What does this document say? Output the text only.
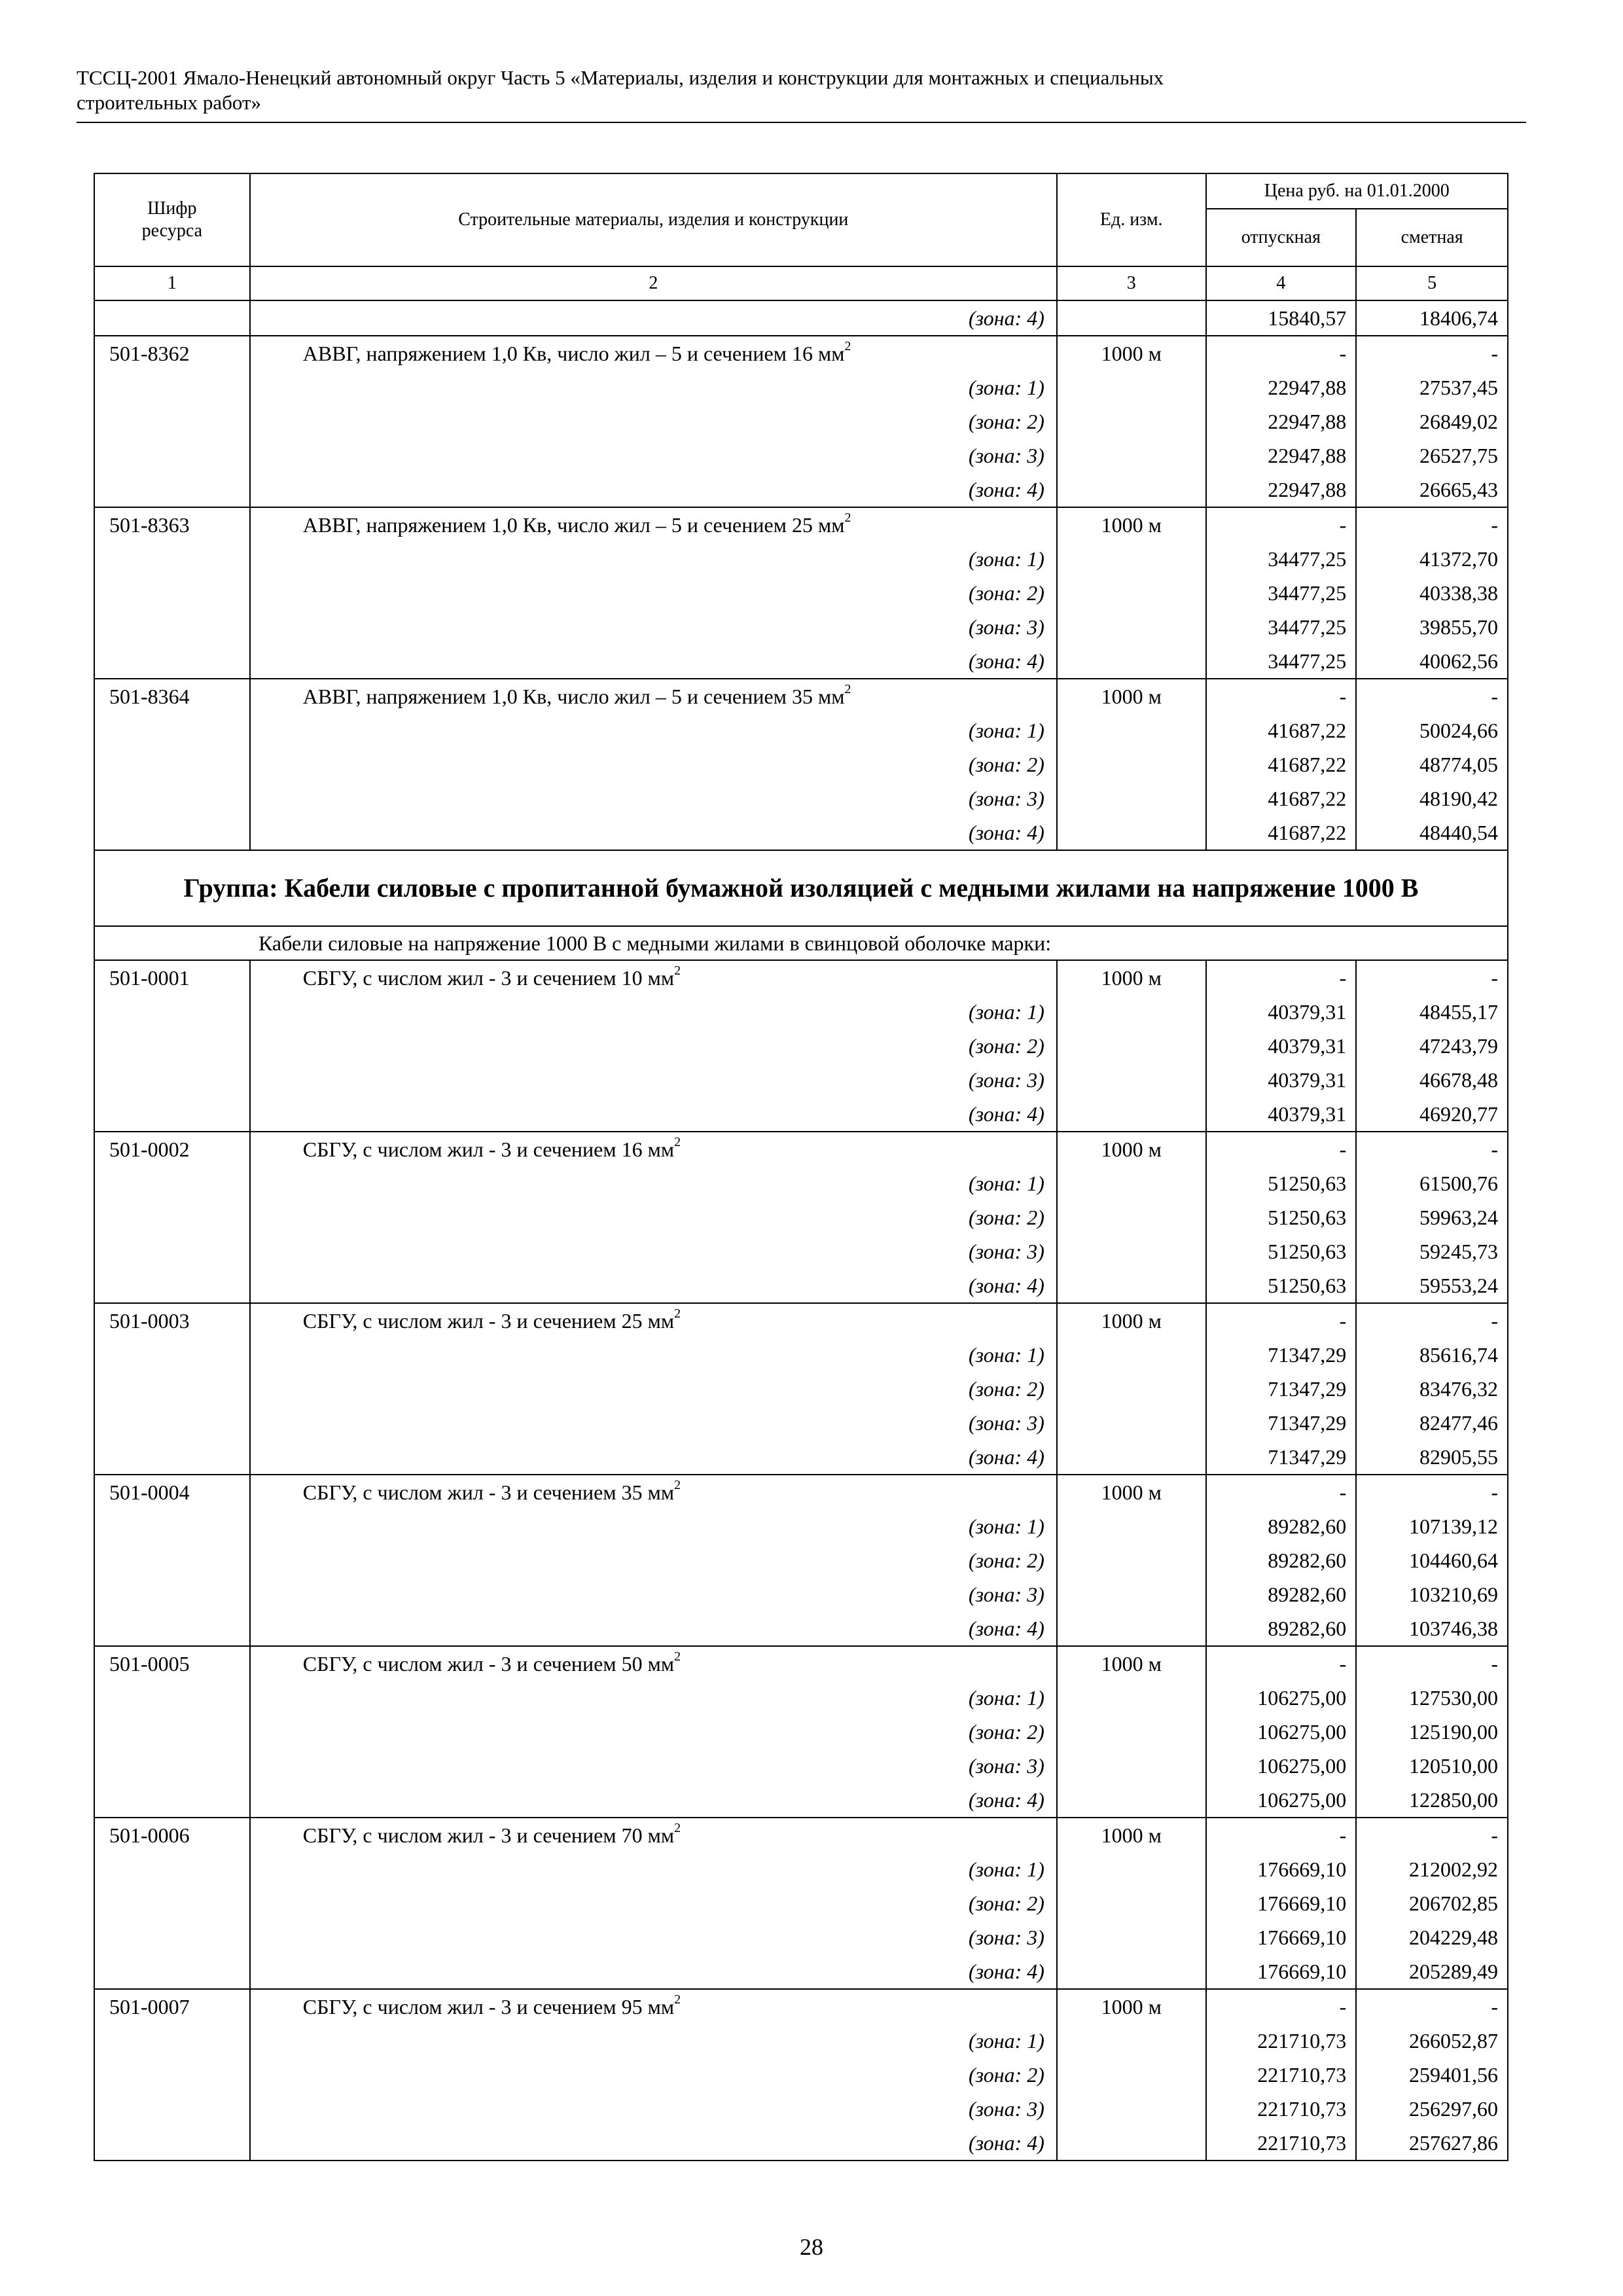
ТССЦ-2001 Ямало-Ненецкий автономный округ Часть 5 «Материалы, изделия и конструкции для монтажных и специальных
строительных работ»
Шифр ресурса	Строительные материалы, изделия и конструкции	Ед. изм.	Цена руб. на 01.01.2000	
			отпускная	сметная
1	2	3	4	5
	(зона: 4)		15840,57	18406,74
501-8362	АВВГ, напряжением 1,0 Кв, число жил – 5 и сечением 16 $мм^2$	1000 м	-	-
	(зона: 1)		22947,88	27537,45
	(зона: 2)		22947,88	26849,02
	(зона: 3)		22947,88	26527,75
	(зона: 4)		22947,88	26665,43
501-8363	АВВГ, напряжением 1,0 Кв, число жил – 5 и сечением 25 $мм^2$	1000 м	-	-
	(зона: 1)		34477,25	41372,70
	(зона: 2)		34477,25	40338,38
	(зона: 3)		34477,25	39855,70
	(зона: 4)		34477,25	40062,56
501-8364	АВВГ, напряжением 1,0 Кв, число жил – 5 и сечением 35 $мм^2$	1000 м	-	-
	(зона: 1)		41687,22	50024,66
	(зона: 2)		41687,22	48774,05
	(зона: 3)		41687,22	48190,42
	(зона: 4)		41687,22	48440,54
Группа: Кабели силовые с пропитанной бумажной изоляцией с медными жилами на напряжение 1000 В				
Кабели силовые на напряжение 1000 В с медными жилами в свинцовой оболочке марки:				
501-0001	СБГУ, с числом жил - 3 и сечением 10 $мм^2$	1000 м	-	-
	(зона: 1)		40379,31	48455,17
	(зона: 2)		40379,31	47243,79
	(зона: 3)		40379,31	46678,48
	(зона: 4)		40379,31	46920,77
501-0002	СБГУ, с числом жил - 3 и сечением 16 $мм^2$	1000 м	-	-
	(зона: 1)		51250,63	61500,76
	(зона: 2)		51250,63	59963,24
	(зона: 3)		51250,63	59245,73
	(зона: 4)		51250,63	59553,24
501-0003	СБГУ, с числом жил - 3 и сечением 25 $мм^2$	1000 м	-	-
	(зона: 1)		71347,29	85616,74
	(зона: 2)		71347,29	83476,32
	(зона: 3)		71347,29	82477,46
	(зона: 4)		71347,29	82905,55
501-0004	СБГУ, с числом жил - 3 и сечением 35 $мм^2$	1000 м	-	-
	(зона: 1)		89282,60	107139,12
	(зона: 2)		89282,60	104460,64
	(зона: 3)		89282,60	103210,69
	(зона: 4)		89282,60	103746,38
501-0005	СБГУ, с числом жил - 3 и сечением 50 $мм^2$	1000 м	-	-
	(зона: 1)		106275,00	127530,00
	(зона: 2)		106275,00	125190,00
	(зона: 3)		106275,00	120510,00
	(зона: 4)		106275,00	122850,00
501-0006	СБГУ, с числом жил - 3 и сечением 70 $мм^2$	1000 м	-	-
	(зона: 1)		176669,10	212002,92
	(зона: 2)		176669,10	206702,85
	(зона: 3)		176669,10	204229,48
	(зона: 4)		176669,10	205289,49
501-0007	СБГУ, с числом жил - 3 и сечением 95 $мм^2$	1000 м	-	-
	(зона: 1)		221710,73	266052,87
	(зона: 2)		221710,73	259401,56
	(зона: 3)		221710,73	256297,60
	(зона: 4)		221710,73	257627,86
28
